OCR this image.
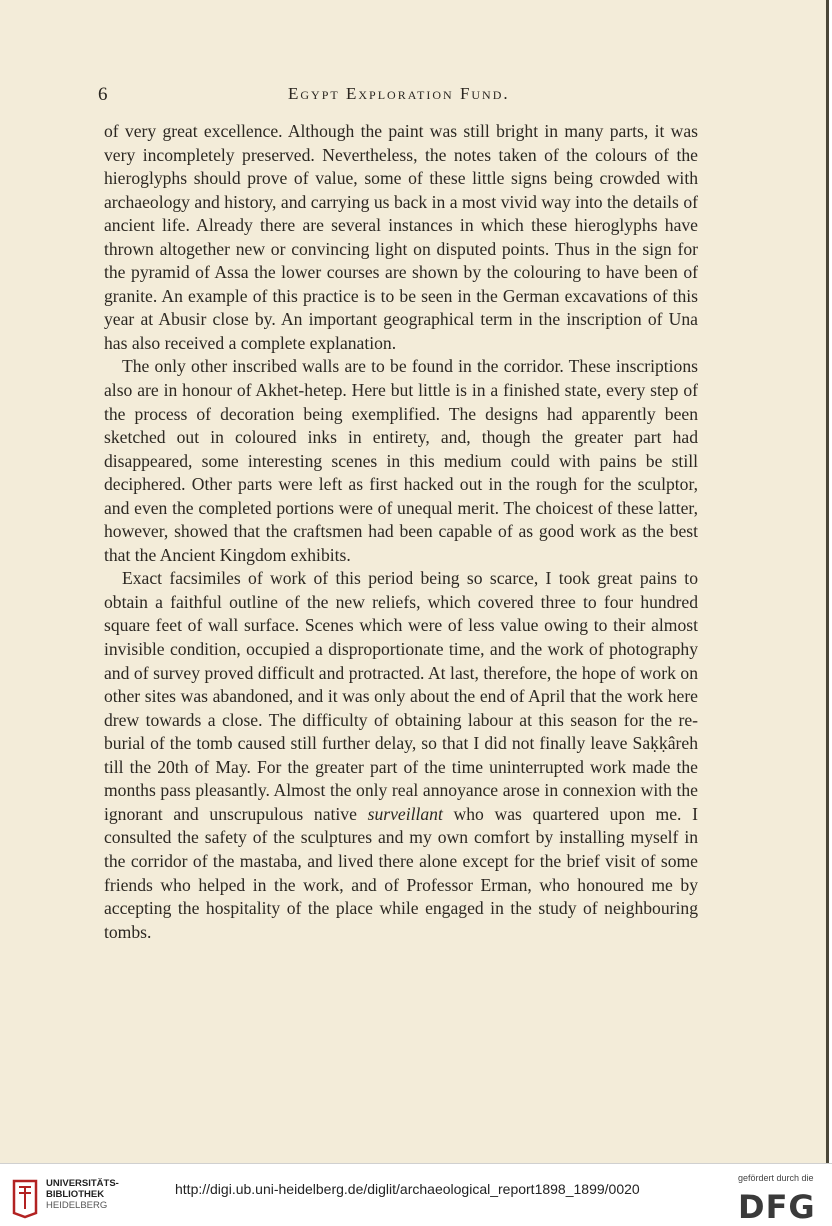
6	Egypt Exploration Fund.

of very great excellence. Although the paint was still bright in many parts, it was very incompletely preserved. Nevertheless, the notes taken of the colours of the hieroglyphs should prove of value, some of these little signs being crowded with archaeology and history, and carrying us back in a most vivid way into the details of ancient life. Already there are several instances in which these hieroglyphs have thrown altogether new or convincing light on disputed points. Thus in the sign for the pyramid of Assa the lower courses are shown by the colouring to have been of granite. An example of this practice is to be seen in the German excavations of this year at Abusir close by. An important geographical term in the inscription of Una has also received a complete explanation.

The only other inscribed walls are to be found in the corridor. These inscriptions also are in honour of Akhet-hetep. Here but little is in a finished state, every step of the process of decoration being exemplified. The designs had apparently been sketched out in coloured inks in entirety, and, though the greater part had disappeared, some interesting scenes in this medium could with pains be still deciphered. Other parts were left as first hacked out in the rough for the sculptor, and even the completed portions were of unequal merit. The choicest of these latter, however, showed that the craftsmen had been capable of as good work as the best that the Ancient Kingdom exhibits.

Exact facsimiles of work of this period being so scarce, I took great pains to obtain a faithful outline of the new reliefs, which covered three to four hundred square feet of wall surface. Scenes which were of less value owing to their almost invisible condition, occupied a disproportionate time, and the work of photography and of survey proved difficult and protracted. At last, therefore, the hope of work on other sites was abandoned, and it was only about the end of April that the work here drew towards a close. The difficulty of obtaining labour at this season for the re-burial of the tomb caused still further delay, so that I did not finally leave Saḳḳâreh till the 20th of May. For the greater part of the time uninterrupted work made the months pass pleasantly. Almost the only real annoyance arose in connexion with the ignorant and unscrupulous native surveillant who was quartered upon me. I consulted the safety of the sculptures and my own comfort by installing myself in the corridor of the mastaba, and lived there alone except for the brief visit of some friends who helped in the work, and of Professor Erman, who honoured me by accepting the hospitality of the place while engaged in the study of neighbouring tombs.

UNIVERSITÄTS-
BIBLIOTHEK
HEIDELBERG
http://digi.ub.uni-heidelberg.de/diglit/archaeological_report1898_1899/0020
gefördert durch die
DFG
